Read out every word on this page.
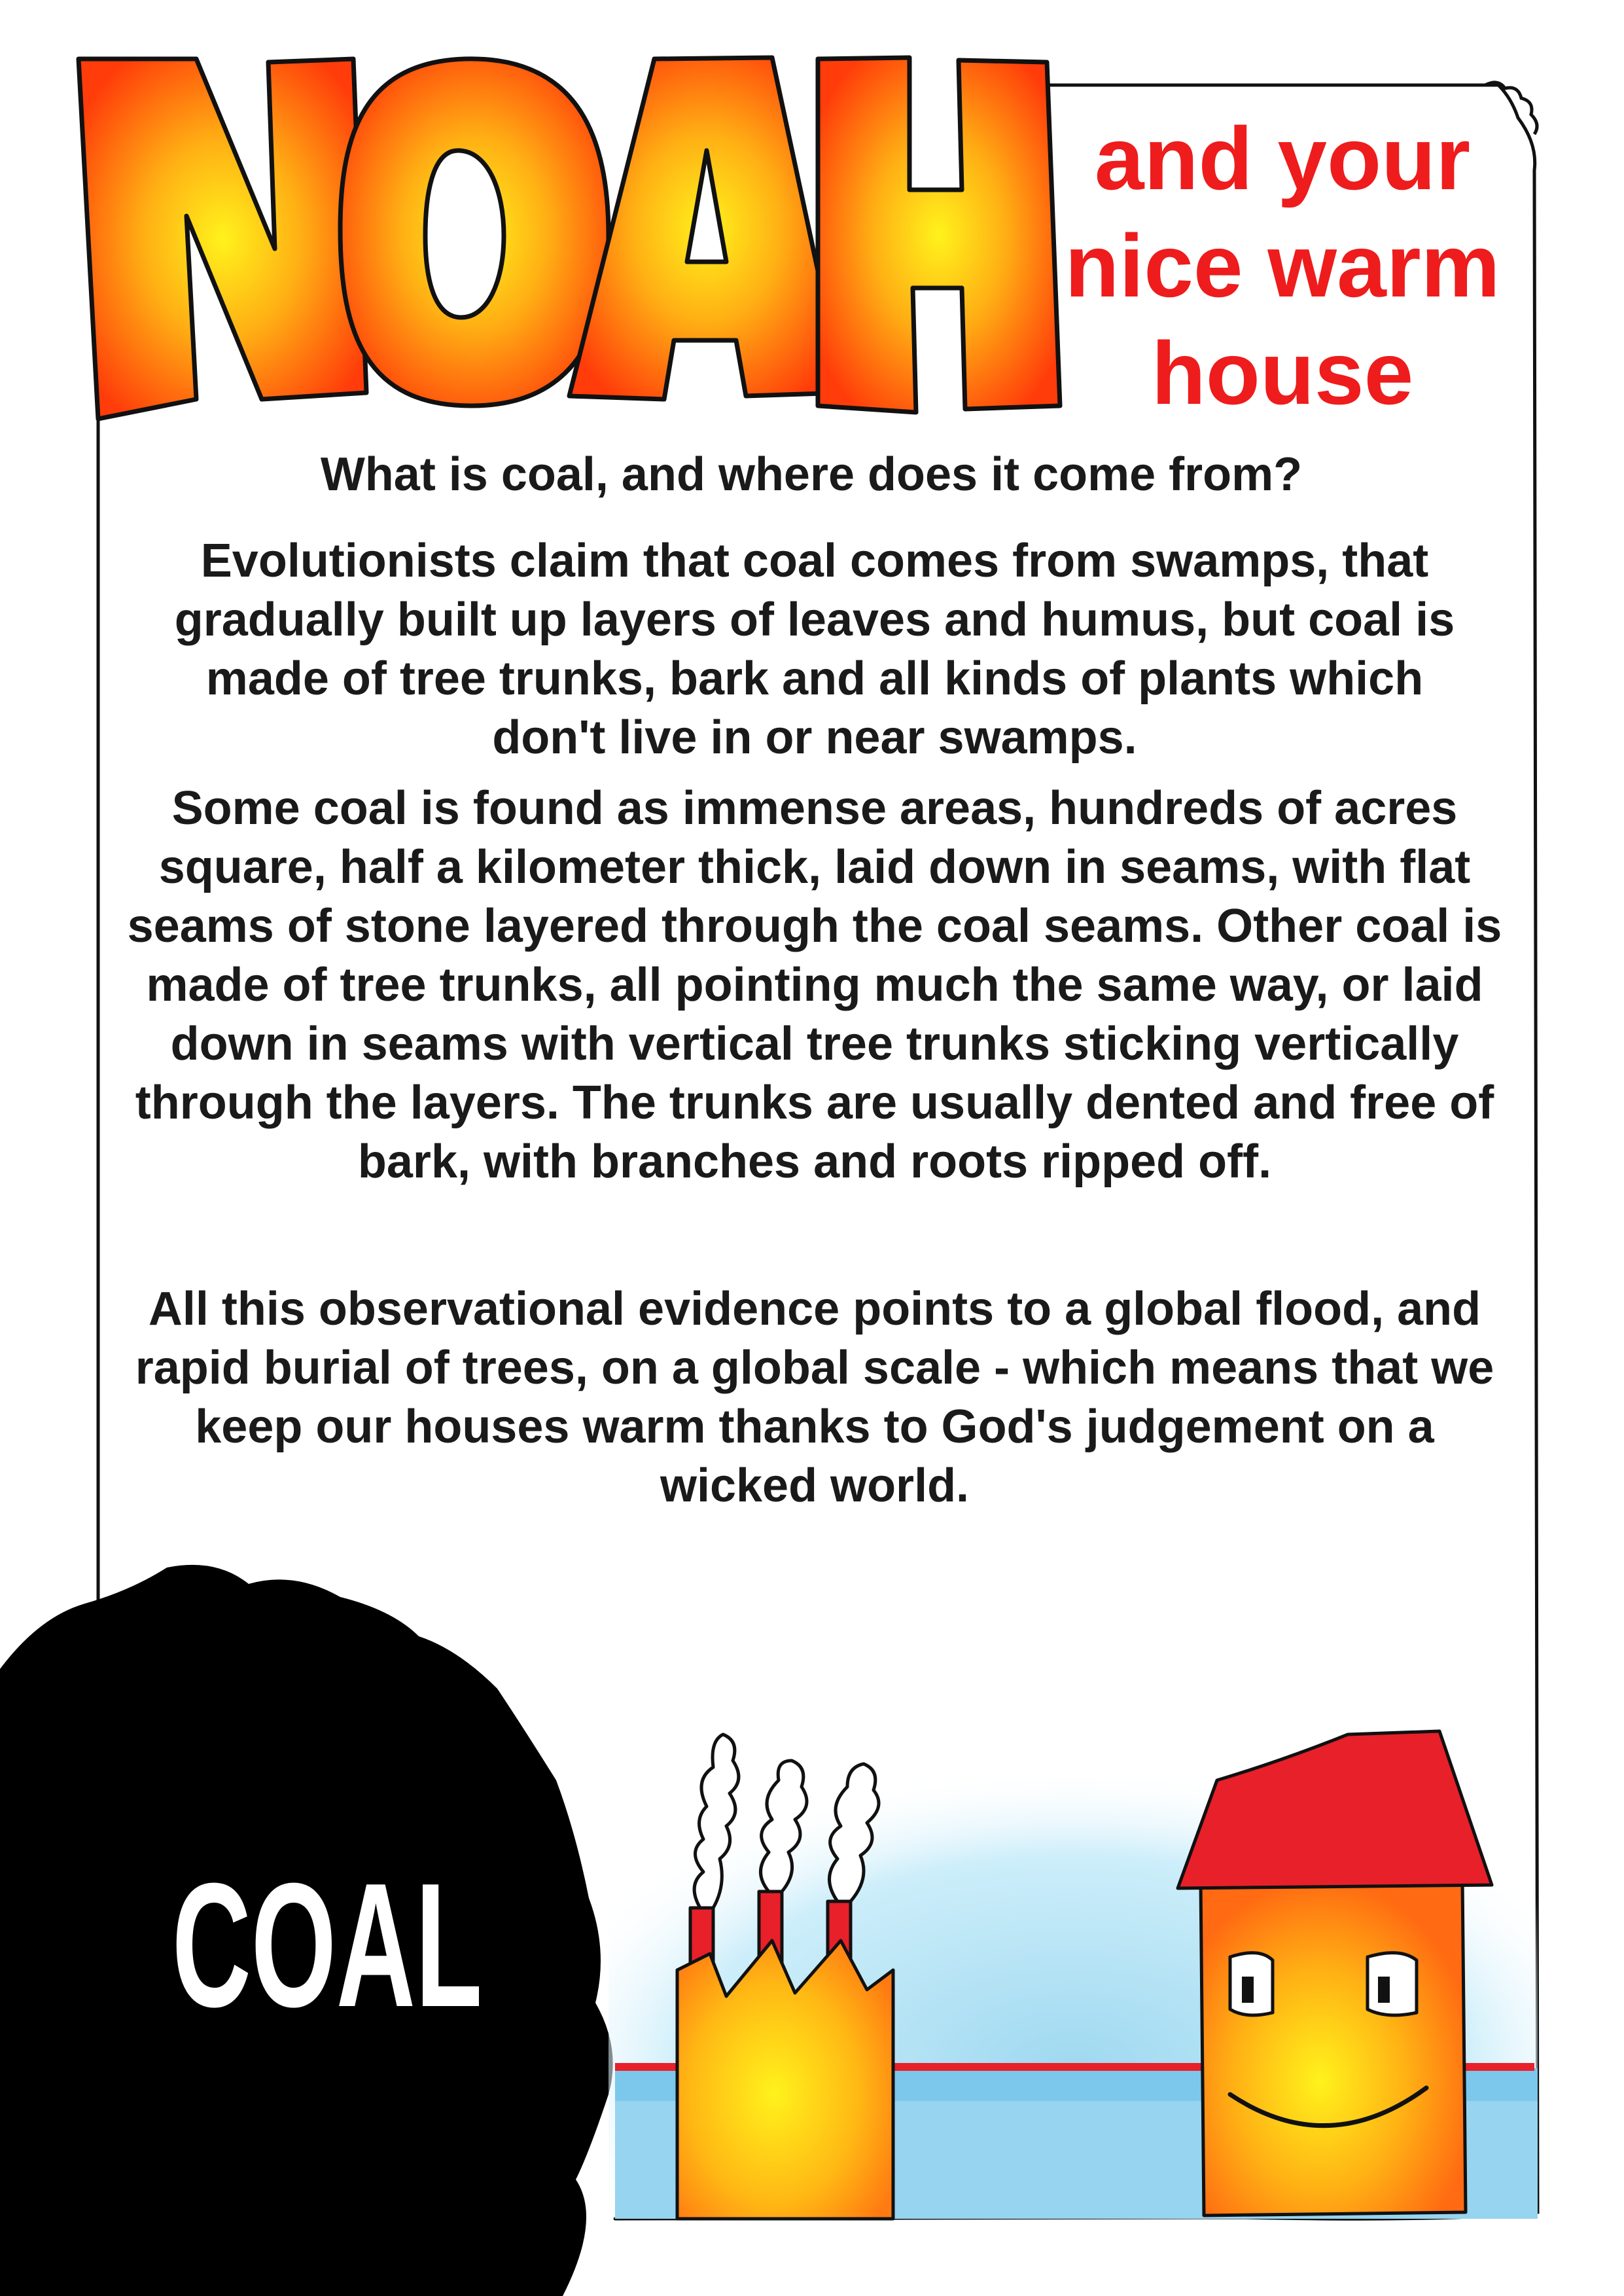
COAL
and your
nice warm
house

What is coal, and where does it come from?

Evolutionists claim that coal comes from swamps, that gradually built up layers of leaves and humus, but coal is made of tree trunks, bark and all kinds of plants which don't live in or near swamps.

Some coal is found as immense areas, hundreds of acres square, half a kilometer thick, laid down in seams, with flat seams of stone layered through the coal seams. Other coal is made of tree trunks, all pointing much the same way, or laid down in seams with vertical tree trunks sticking vertically through the layers. The trunks are usually dented and free of bark, with branches and roots ripped off.

All this observational evidence points to a global flood, and rapid burial of trees, on a global scale - which means that we keep our houses warm thanks to God's judgement on a wicked world.
